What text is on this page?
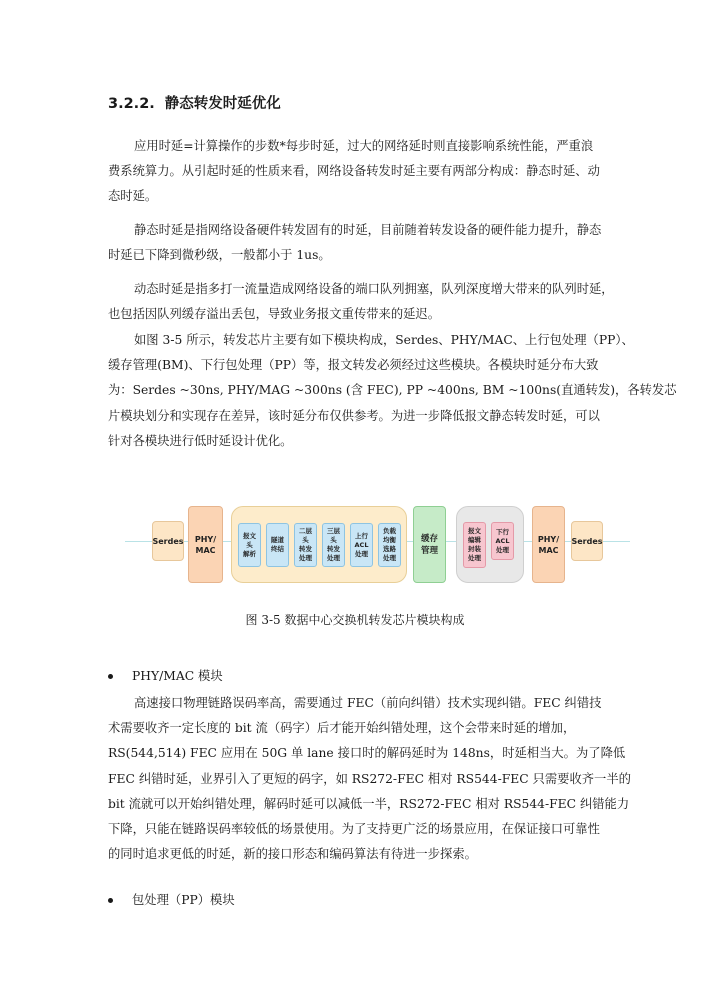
3.2.2. 静态转发时延优化
应用时延=计算操作的步数*每步时延，过大的网络延时则直接影响系统性能，严重浪
费系统算力。从引起时延的性质来看，网络设备转发时延主要有两部分构成：静态时延、动
态时延。
静态时延是指网络设备硬件转发固有的时延，目前随着转发设备的硬件能力提升，静态
时延已下降到微秒级，一般都小于 1us。
动态时延是指多打一流量造成网络设备的端口队列拥塞，队列深度增大带来的队列时延，
也包括因队列缓存溢出丢包，导致业务报文重传带来的延迟。
如图 3-5 所示，转发芯片主要有如下模块构成，Serdes、PHY/MAC、上行包处理（PP）、
缓存管理(BM)、下行包处理（PP）等，报文转发必须经过这些模块。各模块时延分布大致
为：Serdes ~30ns, PHY/MAG ~300ns (含 FEC), PP ~400ns, BM ~100ns(直通转发)，各转发芯
片模块划分和实现存在差异，该时延分布仅供参考。为进一步降低报文静态转发时延，可以
针对各模块进行低时延设计优化。
Serdes PHY/
MAC
报文头
解析
隧道
终结
二层头
转发
处理
三层头
转发
处理
上行
ACL
处理
负载
均衡
选路
处理
缓存
管理
报文
编辑
封装
处理
下行
ACL
处理
PHY/
MAC
Serdes
图 3-5 数据中心交换机转发芯片模块构成
PHY/MAC 模块
高速接口物理链路误码率高，需要通过 FEC（前向纠错）技术实现纠错。FEC 纠错技
术需要收齐一定长度的 bit 流（码字）后才能开始纠错处理，这个会带来时延的增加，
RS(544,514) FEC 应用在 50G 单 lane 接口时的解码延时为 148ns，时延相当大。为了降低
FEC 纠错时延，业界引入了更短的码字，如 RS272-FEC 相对 RS544-FEC 只需要收齐一半的
bit 流就可以开始纠错处理，解码时延可以减低一半，RS272-FEC 相对 RS544-FEC 纠错能力
下降，只能在链路误码率较低的场景使用。为了支持更广泛的场景应用，在保证接口可靠性
的同时追求更低的时延，新的接口形态和编码算法有待进一步探索。
包处理（PP）模块
